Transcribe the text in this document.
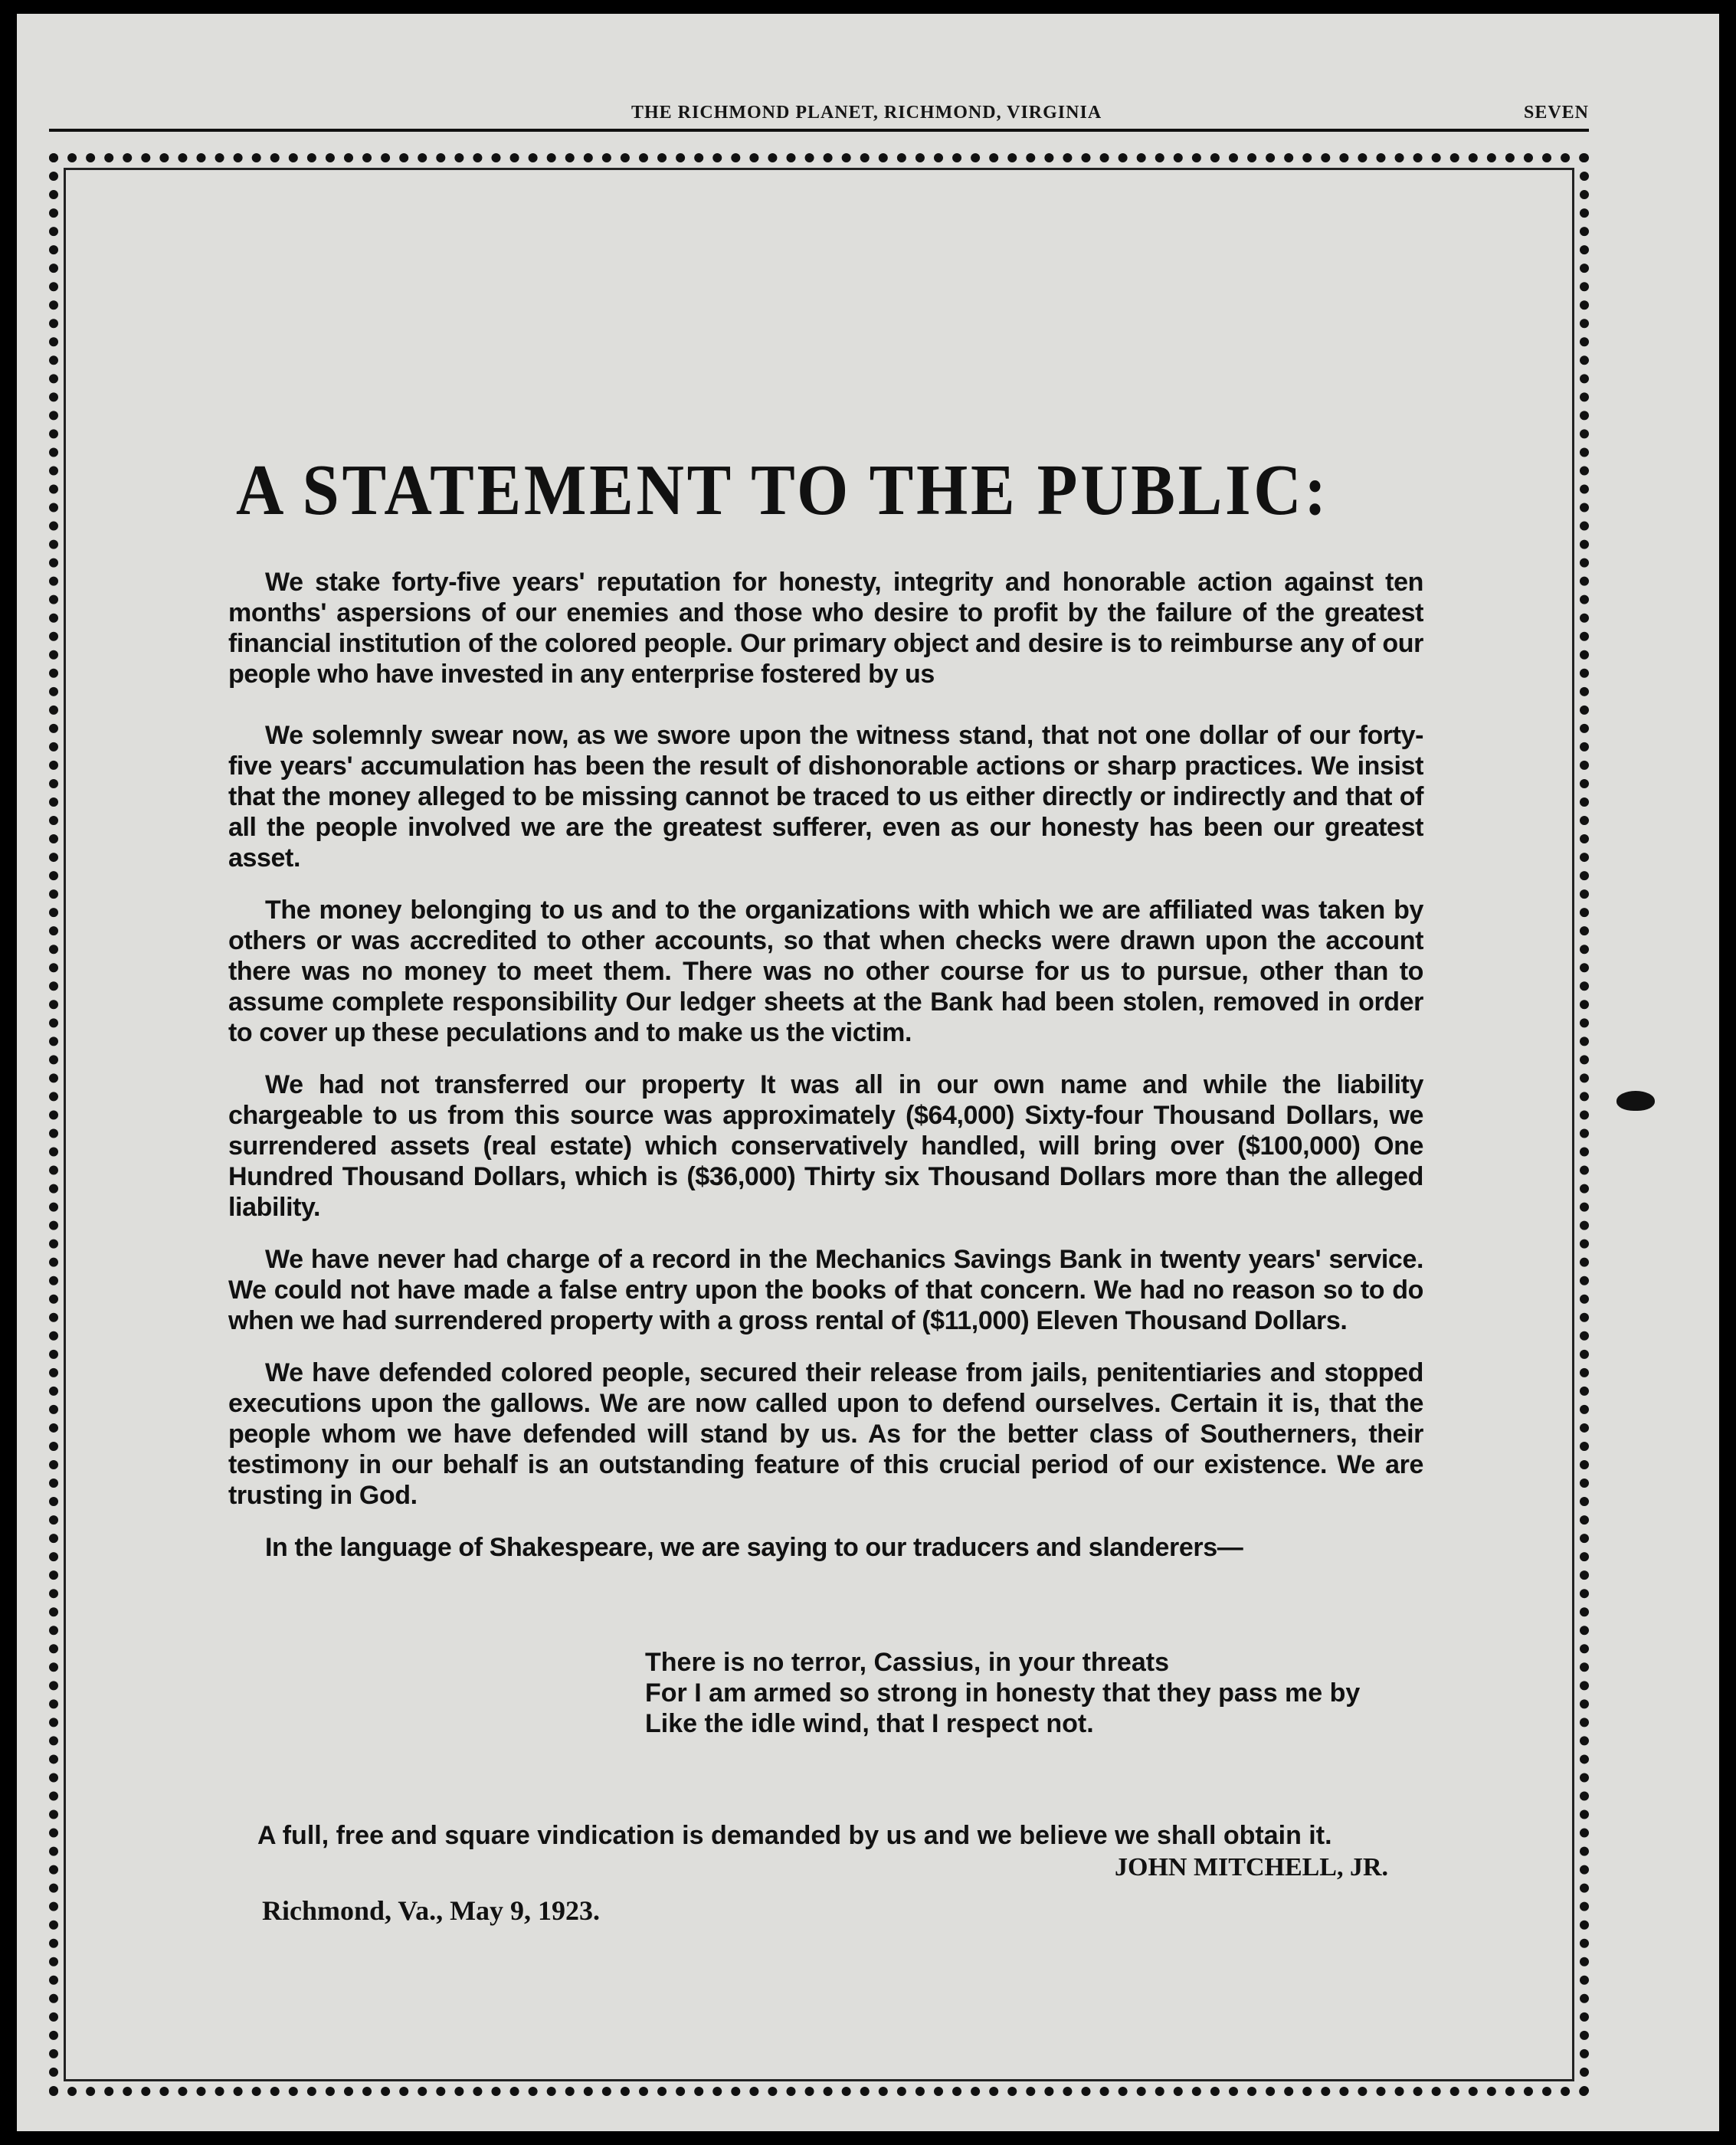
THE RICHMOND PLANET, RICHMOND, VIRGINIA	SEVEN
A STATEMENT TO THE PUBLIC:

We stake forty-five years' reputation for honesty, integrity and honorable action against ten months' aspersions of our enemies and those who desire to profit by the failure of the greatest financial institution of the colored people. Our primary object and desire is to reimburse any of our people who have invested in any enterprise fostered by us

We solemnly swear now, as we swore upon the witness stand, that not one dollar of our forty-five years' accumulation has been the result of dishonorable actions or sharp practices. We insist that the money alleged to be missing cannot be traced to us either directly or indirectly and that of all the people involved we are the greatest sufferer, even as our honesty has been our greatest asset.

The money belonging to us and to the organizations with which we are affiliated was taken by others or was accredited to other accounts, so that when checks were drawn upon the account there was no money to meet them. There was no other course for us to pursue, other than to assume complete responsibility Our ledger sheets at the Bank had been stolen, removed in order to cover up these peculations and to make us the victim.

We had not transferred our property It was all in our own name and while the liability chargeable to us from this source was approximately ($64,000) Sixty-four Thousand Dollars, we surrendered assets (real estate) which conservatively handled, will bring over ($100,000) One Hundred Thousand Dollars, which is ($36,000) Thirty six Thousand Dollars more than the alleged liability.

We have never had charge of a record in the Mechanics Savings Bank in twenty years' service. We could not have made a false entry upon the books of that concern. We had no reason so to do when we had surrendered property with a gross rental of ($11,000) Eleven Thousand Dollars.

We have defended colored people, secured their release from jails, penitentiaries and stopped executions upon the gallows. We are now called upon to defend ourselves. Certain it is, that the people whom we have defended will stand by us. As for the better class of Southerners, their testimony in our behalf is an outstanding feature of this crucial period of our existence. We are trusting in God.

In the language of Shakespeare, we are saying to our traducers and slanderers—

There is no terror, Cassius, in your threats
For I am armed so strong in honesty that they pass me by
Like the idle wind, that I respect not.
A full, free and square vindication is demanded by us and we believe we shall obtain it.
JOHN MITCHELL, JR.
Richmond, Va., May 9, 1923.
